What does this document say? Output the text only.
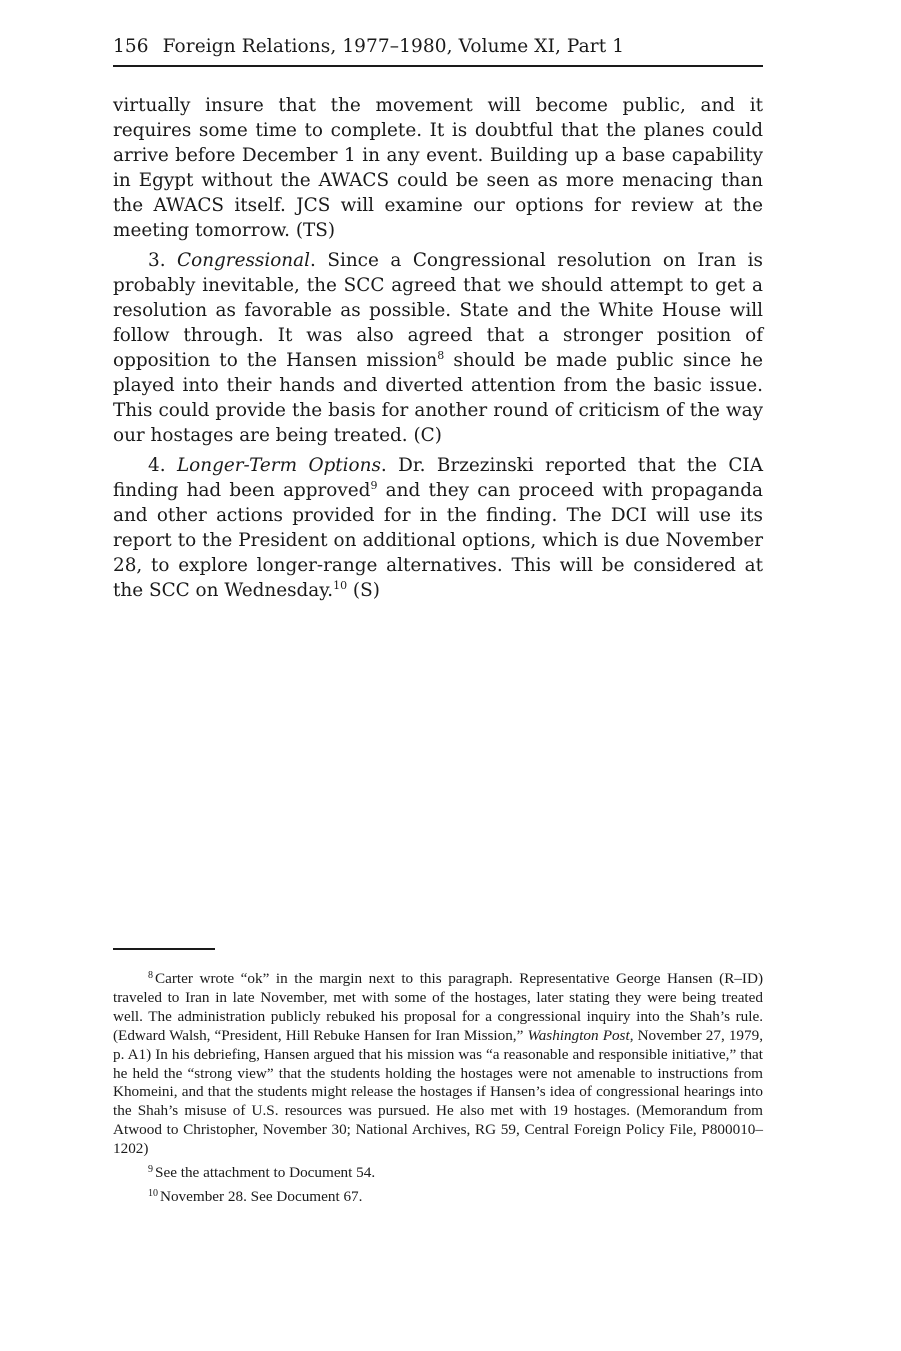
156 Foreign Relations, 1977–1980, Volume XI, Part 1

virtually insure that the movement will become public, and it requires some time to complete. It is doubtful that the planes could arrive before December 1 in any event. Building up a base capability in Egypt without the AWACS could be seen as more menacing than the AWACS itself. JCS will examine our options for review at the meeting tomorrow. (TS)

3. Congressional. Since a Congressional resolution on Iran is probably inevitable, the SCC agreed that we should attempt to get a resolution as favorable as possible. State and the White House will follow through. It was also agreed that a stronger position of opposition to the Hansen mission$^8$ should be made public since he played into their hands and diverted attention from the basic issue. This could provide the basis for another round of criticism of the way our hostages are being treated. (C)

4. Longer-Term Options. Dr. Brzezinski reported that the CIA finding had been approved$^9$ and they can proceed with propaganda and other actions provided for in the finding. The DCI will use its report to the President on additional options, which is due November 28, to explore longer-range alternatives. This will be considered at the SCC on Wednesday.$^{10}$ (S)

$^8$ Carter wrote “ok” in the margin next to this paragraph. Representative George Hansen (R–ID) traveled to Iran in late November, met with some of the hostages, later stating they were being treated well. The administration publicly rebuked his proposal for a congressional inquiry into the Shah’s rule. (Edward Walsh, “President, Hill Rebuke Hansen for Iran Mission,” Washington Post, November 27, 1979, p. A1) In his debriefing, Hansen argued that his mission was “a reasonable and responsible initiative,” that he held the “strong view” that the students holding the hostages were not amenable to instructions from Khomeini, and that the students might release the hostages if Hansen’s idea of congressional hearings into the Shah’s misuse of U.S. resources was pursued. He also met with 19 hostages. (Memorandum from Atwood to Christopher, November 30; National Archives, RG 59, Central Foreign Policy File, P800010–1202)

$^9$ See the attachment to Document 54.

$^{10}$ November 28. See Document 67.
